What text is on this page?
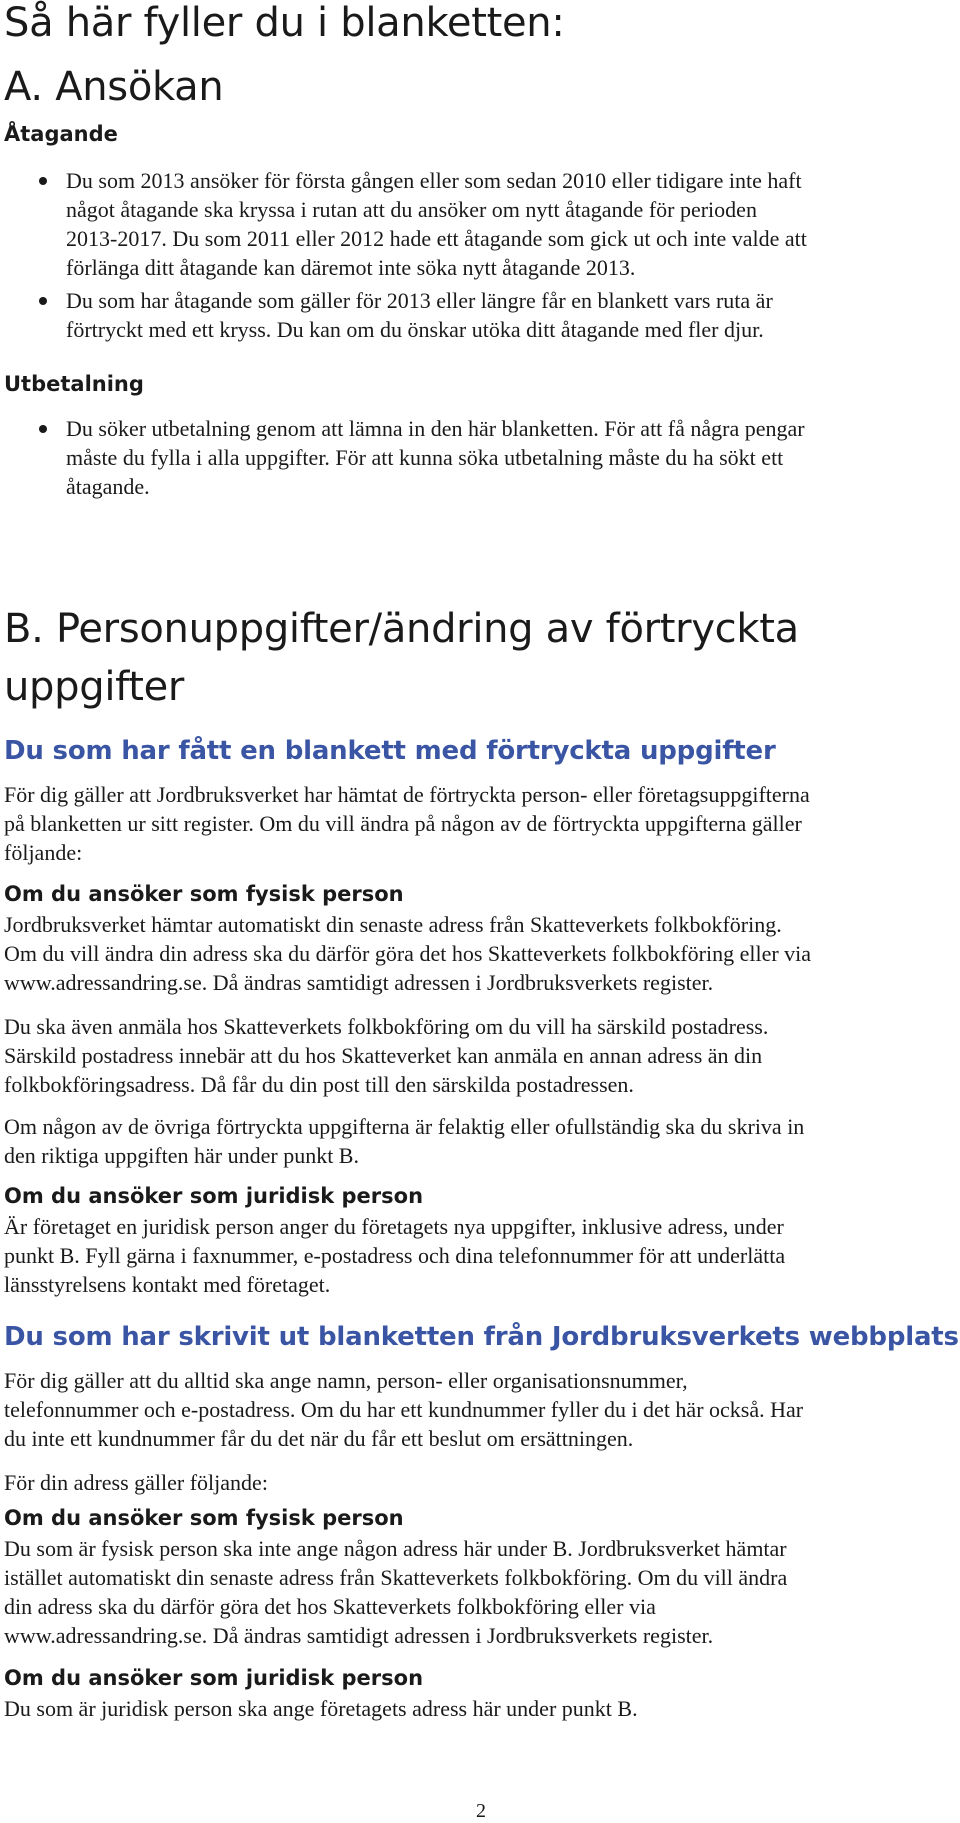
Så här fyller du i blanketten:
A. Ansökan
Åtagande
Du som 2013 ansöker för första gången eller som sedan 2010 eller tidigare inte haft
något åtagande ska kryssa i rutan att du ansöker om nytt åtagande för perioden
2013-2017. Du som 2011 eller 2012 hade ett åtagande som gick ut och inte valde att
förlänga ditt åtagande kan däremot inte söka nytt åtagande 2013.
Du som har åtagande som gäller för 2013 eller längre får en blankett vars ruta är
förtryckt med ett kryss. Du kan om du önskar utöka ditt åtagande med fler djur.
Utbetalning
Du söker utbetalning genom att lämna in den här blanketten. För att få några pengar
måste du fylla i alla uppgifter. För att kunna söka utbetalning måste du ha sökt ett
åtagande.
B. Personuppgifter/ändring av förtryckta
uppgifter
Du som har fått en blankett med förtryckta uppgifter
För dig gäller att Jordbruksverket har hämtat de förtryckta person- eller företagsuppgifterna
på blanketten ur sitt register. Om du vill ändra på någon av de förtryckta uppgifterna gäller
följande:
Om du ansöker som fysisk person
Jordbruksverket hämtar automatiskt din senaste adress från Skatteverkets folkbokföring.
Om du vill ändra din adress ska du därför göra det hos Skatteverkets folkbokföring eller via
www.adressandring.se. Då ändras samtidigt adressen i Jordbruksverkets register.
Du ska även anmäla hos Skatteverkets folkbokföring om du vill ha särskild postadress.
Särskild postadress innebär att du hos Skatteverket kan anmäla en annan adress än din
folkbokföringsadress. Då får du din post till den särskilda postadressen.
Om någon av de övriga förtryckta uppgifterna är felaktig eller ofullständig ska du skriva in
den riktiga uppgiften här under punkt B.
Om du ansöker som juridisk person
Är företaget en juridisk person anger du företagets nya uppgifter, inklusive adress, under
punkt B. Fyll gärna i faxnummer, e-postadress och dina telefonnummer för att underlätta
länsstyrelsens kontakt med företaget.
Du som har skrivit ut blanketten från Jordbruksverkets webbplats
För dig gäller att du alltid ska ange namn, person- eller organisationsnummer,
telefonnummer och e-postadress. Om du har ett kundnummer fyller du i det här också. Har
du inte ett kundnummer får du det när du får ett beslut om ersättningen.
För din adress gäller följande:
Om du ansöker som fysisk person
Du som är fysisk person ska inte ange någon adress här under B. Jordbruksverket hämtar
istället automatiskt din senaste adress från Skatteverkets folkbokföring. Om du vill ändra
din adress ska du därför göra det hos Skatteverkets folkbokföring eller via
www.adressandring.se. Då ändras samtidigt adressen i Jordbruksverkets register.
Om du ansöker som juridisk person
Du som är juridisk person ska ange företagets adress här under punkt B.
2
